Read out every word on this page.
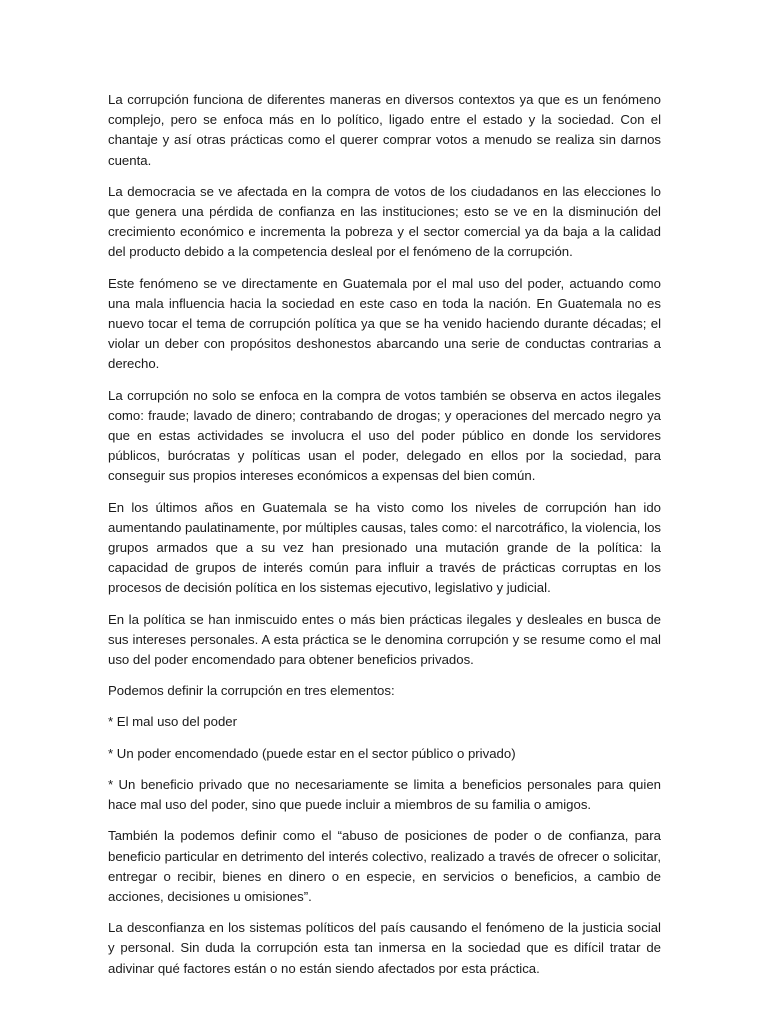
La corrupción funciona de diferentes maneras en diversos contextos ya que es un fenómeno complejo, pero se enfoca más en lo político, ligado entre el estado y la sociedad. Con el chantaje y así otras prácticas como el querer comprar votos a menudo se realiza sin darnos cuenta.

La democracia se ve afectada en la compra de votos de los ciudadanos en las elecciones lo que genera una pérdida de confianza en las instituciones; esto se ve en la disminución del crecimiento económico e incrementa la pobreza y el sector comercial ya da baja a la calidad del producto debido a la competencia desleal por el fenómeno de la corrupción.

Este fenómeno se ve directamente en Guatemala por el mal uso del poder, actuando como una mala influencia hacia la sociedad en este caso en toda la nación. En Guatemala no es nuevo tocar el tema de corrupción política ya que se ha venido haciendo durante décadas; el violar un deber con propósitos deshonestos abarcando una serie de conductas contrarias a derecho.

La corrupción no solo se enfoca en la compra de votos también se observa en actos ilegales como: fraude; lavado de dinero; contrabando de drogas; y operaciones del mercado negro ya que en estas actividades se involucra el uso del poder público en donde los servidores públicos, burócratas y políticas usan el poder, delegado en ellos por la sociedad, para conseguir sus propios intereses económicos a expensas del bien común.

En los últimos años en Guatemala se ha visto como los niveles de corrupción han ido aumentando paulatinamente, por múltiples causas, tales como: el narcotráfico, la violencia, los grupos armados que a su vez han presionado una mutación grande de la política: la capacidad de grupos de interés común para influir a través de prácticas corruptas en los procesos de decisión política en los sistemas ejecutivo, legislativo y judicial.

En la política se han inmiscuido entes o más bien prácticas ilegales y desleales en busca de sus intereses personales. A esta práctica se le denomina corrupción y se resume como el mal uso del poder encomendado para obtener beneficios privados.

Podemos definir la corrupción en tres elementos:

* El mal uso del poder

* Un poder encomendado (puede estar en el sector público o privado)

* Un beneficio privado que no necesariamente se limita a beneficios personales para quien hace mal uso del poder, sino que puede incluir a miembros de su familia o amigos.

También la podemos definir como el “abuso de posiciones de poder o de confianza, para beneficio particular en detrimento del interés colectivo, realizado a través de ofrecer o solicitar, entregar o recibir, bienes en dinero o en especie, en servicios o beneficios, a cambio de acciones, decisiones u omisiones”.

La desconfianza en los sistemas políticos del país causando el fenómeno de la justicia social y personal. Sin duda la corrupción esta tan inmersa en la sociedad que es difícil tratar de adivinar qué factores están o no están siendo afectados por esta práctica.
